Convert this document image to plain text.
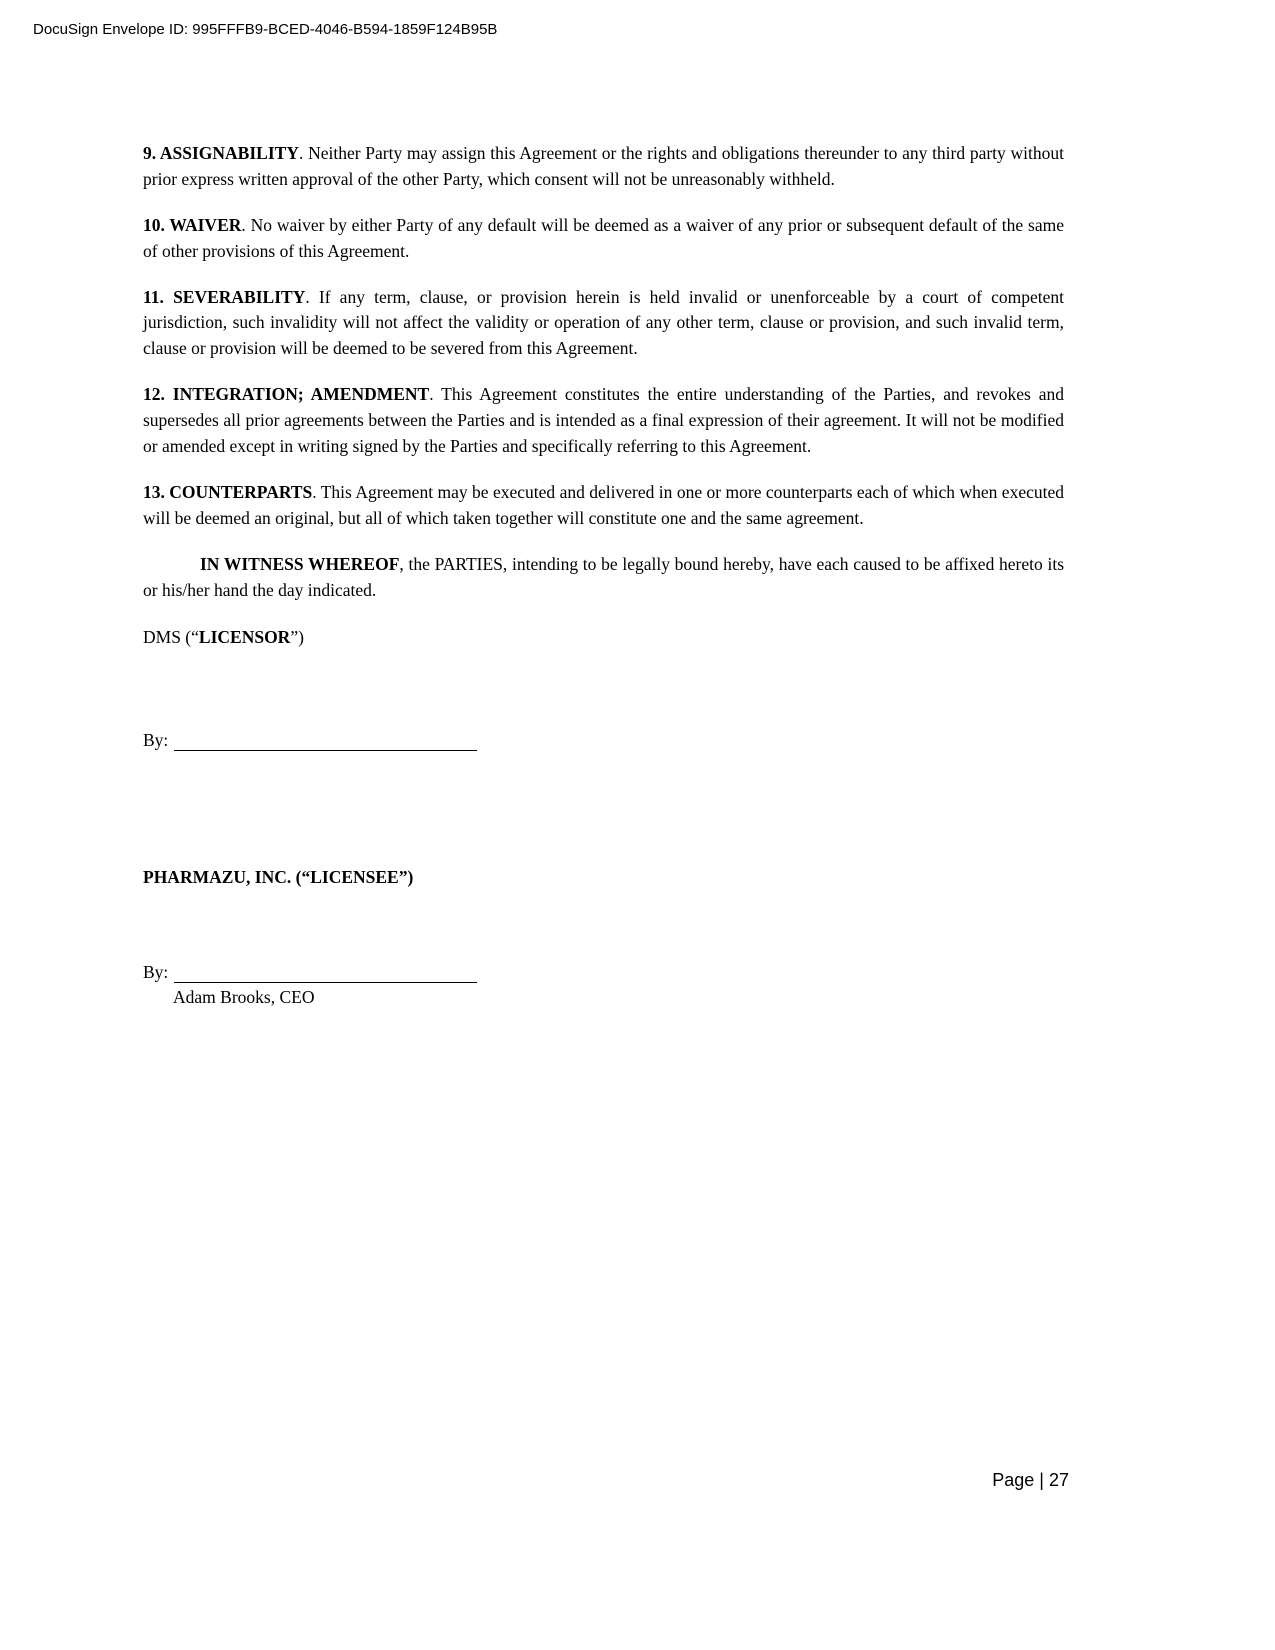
DocuSign Envelope ID: 995FFFB9-BCED-4046-B594-1859F124B95B

9. ASSIGNABILITY. Neither Party may assign this Agreement or the rights and obligations thereunder to any third party without prior express written approval of the other Party, which consent will not be unreasonably withheld.

10. WAIVER. No waiver by either Party of any default will be deemed as a waiver of any prior or subsequent default of the same of other provisions of this Agreement.

11. SEVERABILITY. If any term, clause, or provision herein is held invalid or unenforceable by a court of competent jurisdiction, such invalidity will not affect the validity or operation of any other term, clause or provision, and such invalid term, clause or provision will be deemed to be severed from this Agreement.

12. INTEGRATION; AMENDMENT. This Agreement constitutes the entire understanding of the Parties, and revokes and supersedes all prior agreements between the Parties and is intended as a final expression of their agreement. It will not be modified or amended except in writing signed by the Parties and specifically referring to this Agreement.

13. COUNTERPARTS. This Agreement may be executed and delivered in one or more counterparts each of which when executed will be deemed an original, but all of which taken together will constitute one and the same agreement.

IN WITNESS WHEREOF, the PARTIES, intending to be legally bound hereby, have each caused to be affixed hereto its or his/her hand the day indicated.

DMS (“LICENSOR”)

By:

PHARMAZU, INC. (“LICENSEE”)

By:

Adam Brooks, CEO

Page | 27
